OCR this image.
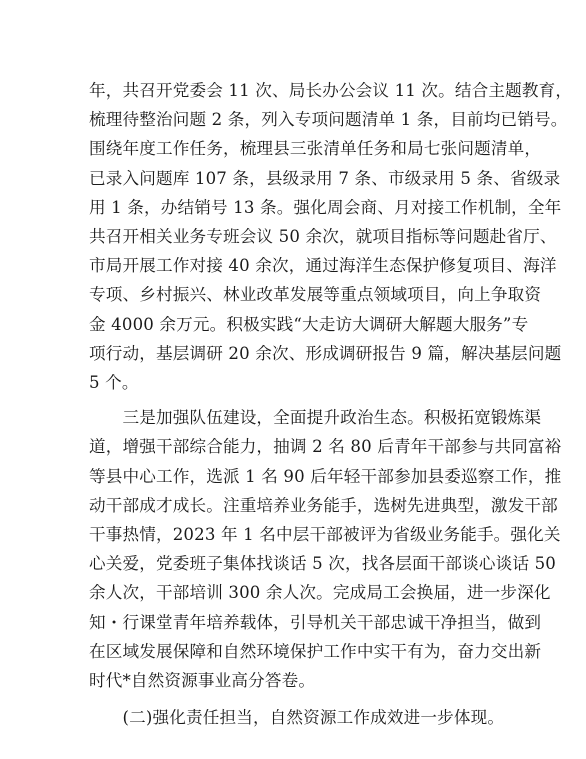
年，共召开党委会 11 次、局长办公会议 11 次。结合主题教育，
梳理待整治问题 2 条，列入专项问题清单 1 条，目前均已销号。
围绕年度工作任务，梳理县三张清单任务和局七张问题清单，
已录入问题库 107 条，县级录用 7 条、市级录用 5 条、省级录
用 1 条，办结销号 13 条。强化周会商、月对接工作机制，全年
共召开相关业务专班会议 50 余次，就项目指标等问题赴省厅、
市局开展工作对接 40 余次，通过海洋生态保护修复项目、海洋
专项、乡村振兴、林业改革发展等重点领域项目，向上争取资
金 4000 余万元。积极实践“大走访大调研大解题大服务”专
项行动，基层调研 20 余次、形成调研报告 9 篇，解决基层问题
5 个。

　　三是加强队伍建设，全面提升政治生态。积极拓宽锻炼渠
道，增强干部综合能力，抽调 2 名 80 后青年干部参与共同富裕
等县中心工作，选派 1 名 90 后年轻干部参加县委巡察工作，推
动干部成才成长。注重培养业务能手，选树先进典型，激发干部
干事热情，2023 年 1 名中层干部被评为省级业务能手。强化关
心关爱，党委班子集体找谈话 5 次，找各层面干部谈心谈话 50
余人次，干部培训 300 余人次。完成局工会换届，进一步深化
知・行课堂青年培养载体，引导机关干部忠诚干净担当，做到
在区域发展保障和自然环境保护工作中实干有为，奋力交出新
时代*自然资源事业高分答卷。

　　(二)强化责任担当，自然资源工作成效进一步体现。
